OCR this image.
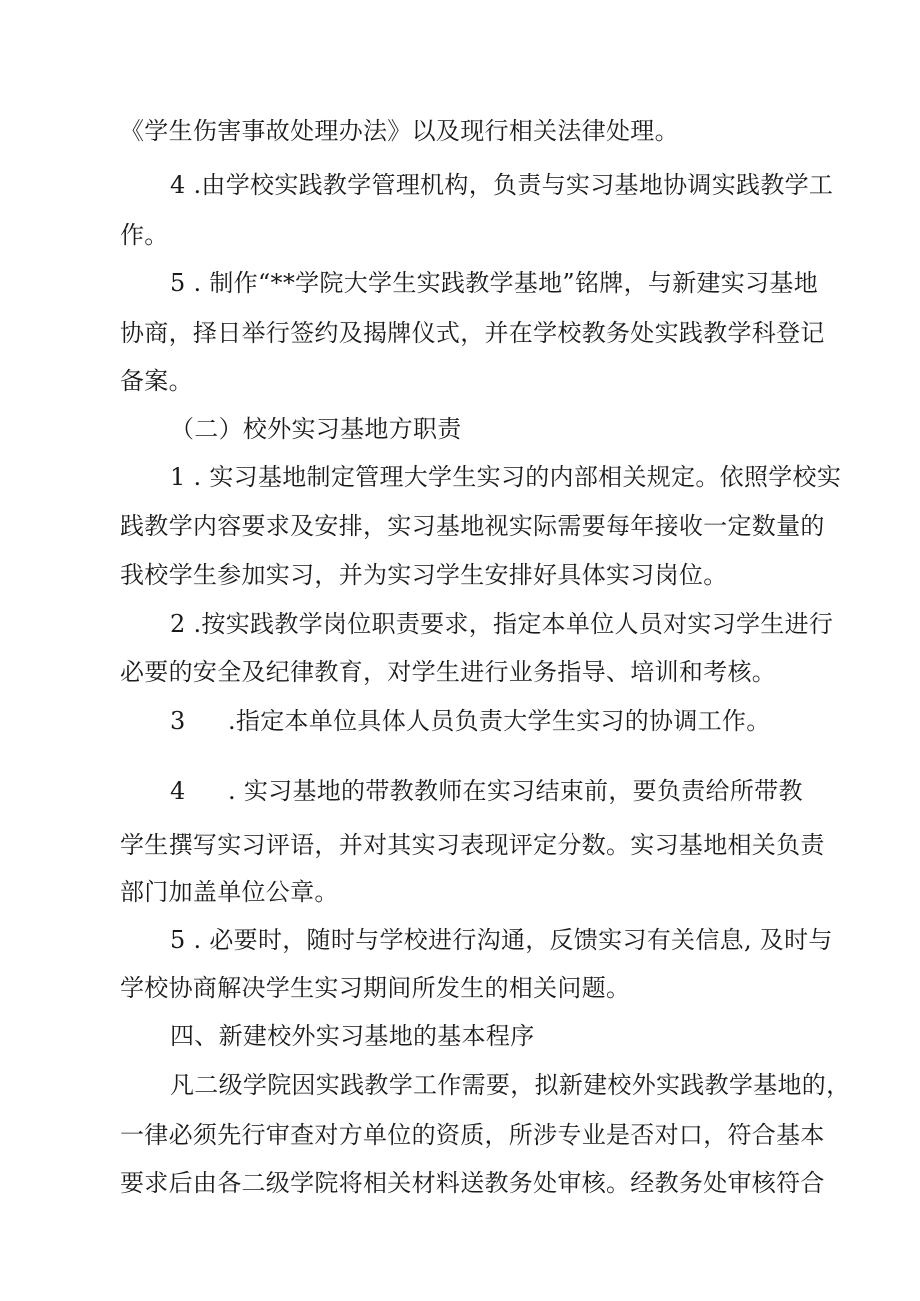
《学生伤害事故处理办法》以及现行相关法律处理。
4 .由学校实践教学管理机构，负责与实习基地协调实践教学工
作。
5 . 制作“**学院大学生实践教学基地”铭牌，与新建实习基地
协商，择日举行签约及揭牌仪式，并在学校教务处实践教学科登记
备案。
（二）校外实习基地方职责
1 . 实习基地制定管理大学生实习的内部相关规定。依照学校实
践教学内容要求及安排，实习基地视实际需要每年接收一定数量的
我校学生参加实习，并为实习学生安排好具体实习岗位。
2 .按实践教学岗位职责要求，指定本单位人员对实习学生进行
必要的安全及纪律教育，对学生进行业务指导、培训和考核。
3 .指定本单位具体人员负责大学生实习的协调工作。
4 . 实习基地的带教教师在实习结束前，要负责给所带教
学生撰写实习评语，并对其实习表现评定分数。实习基地相关负责
部门加盖单位公章。
5 . 必要时，随时与学校进行沟通，反馈实习有关信息, 及时与
学校协商解决学生实习期间所发生的相关问题。
四、新建校外实习基地的基本程序
凡二级学院因实践教学工作需要，拟新建校外实践教学基地的，
一律必须先行审查对方单位的资质，所涉专业是否对口，符合基本
要求后由各二级学院将相关材料送教务处审核。经教务处审核符合
